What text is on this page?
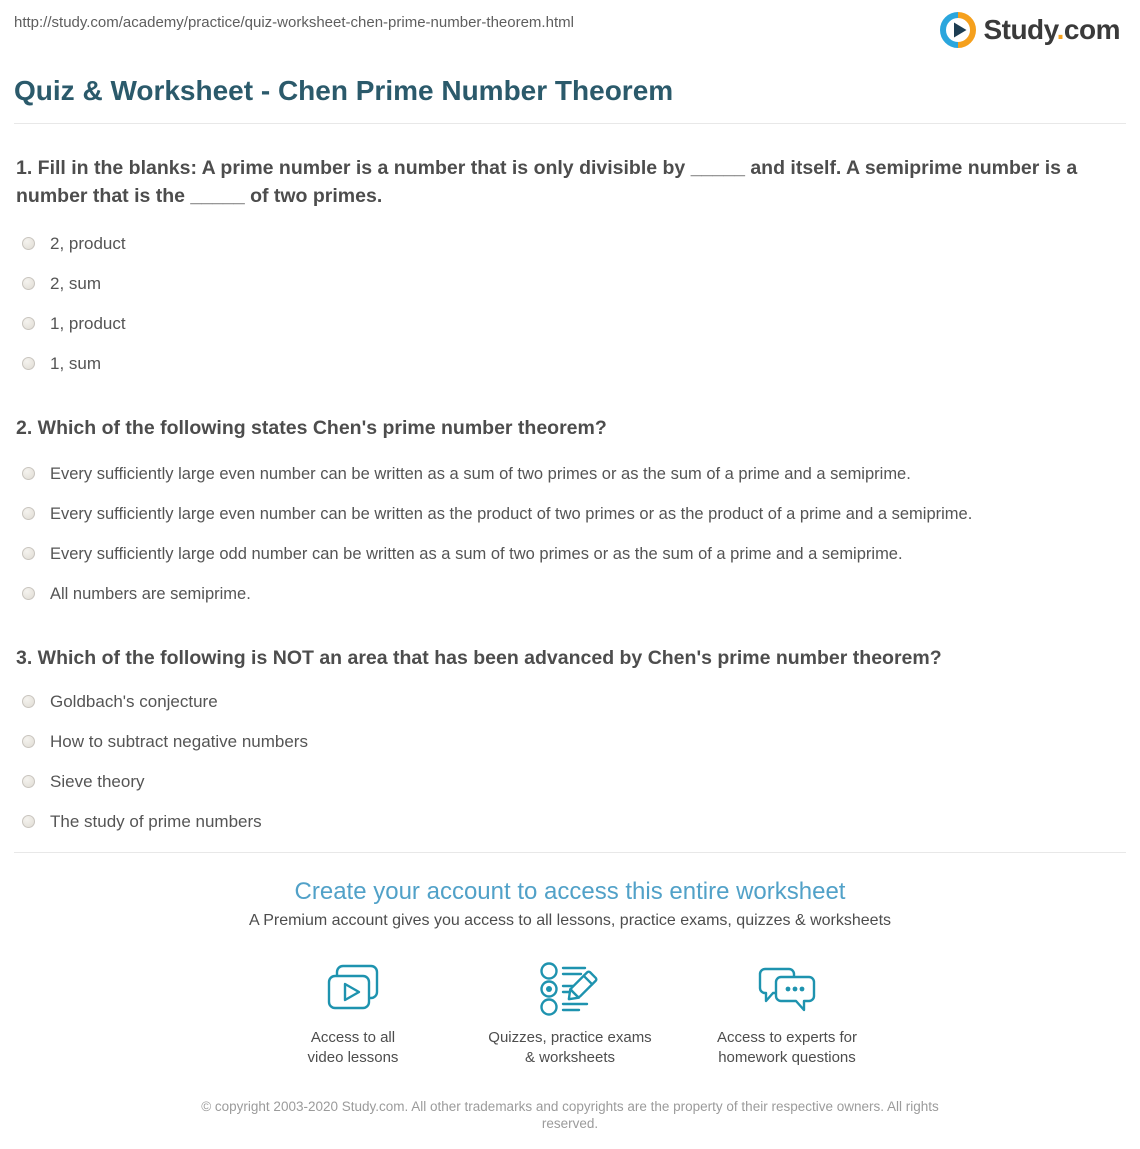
http://study.com/academy/practice/quiz-worksheet-chen-prime-number-theorem.html	Study.com
Quiz & Worksheet - Chen Prime Number Theorem
1. Fill in the blanks: A prime number is a number that is only divisible by _____ and itself. A semiprime number is a number that is the _____ of two primes.
2, product
2, sum
1, product
1, sum
2. Which of the following states Chen's prime number theorem?
Every sufficiently large even number can be written as a sum of two primes or as the sum of a prime and a semiprime.
Every sufficiently large even number can be written as the product of two primes or as the product of a prime and a semiprime.
Every sufficiently large odd number can be written as a sum of two primes or as the sum of a prime and a semiprime.
All numbers are semiprime.
3. Which of the following is NOT an area that has been advanced by Chen's prime number theorem?
Goldbach's conjecture
How to subtract negative numbers
Sieve theory
The study of prime numbers
Create your account to access this entire worksheet

A Premium account gives you access to all lessons, practice exams, quizzes & worksheets

Access to all
video lessons
Quizzes, practice exams
& worksheets
Access to experts for
homework questions

© copyright 2003-2020 Study.com. All other trademarks and copyrights are the property of their respective owners. All rights reserved.
